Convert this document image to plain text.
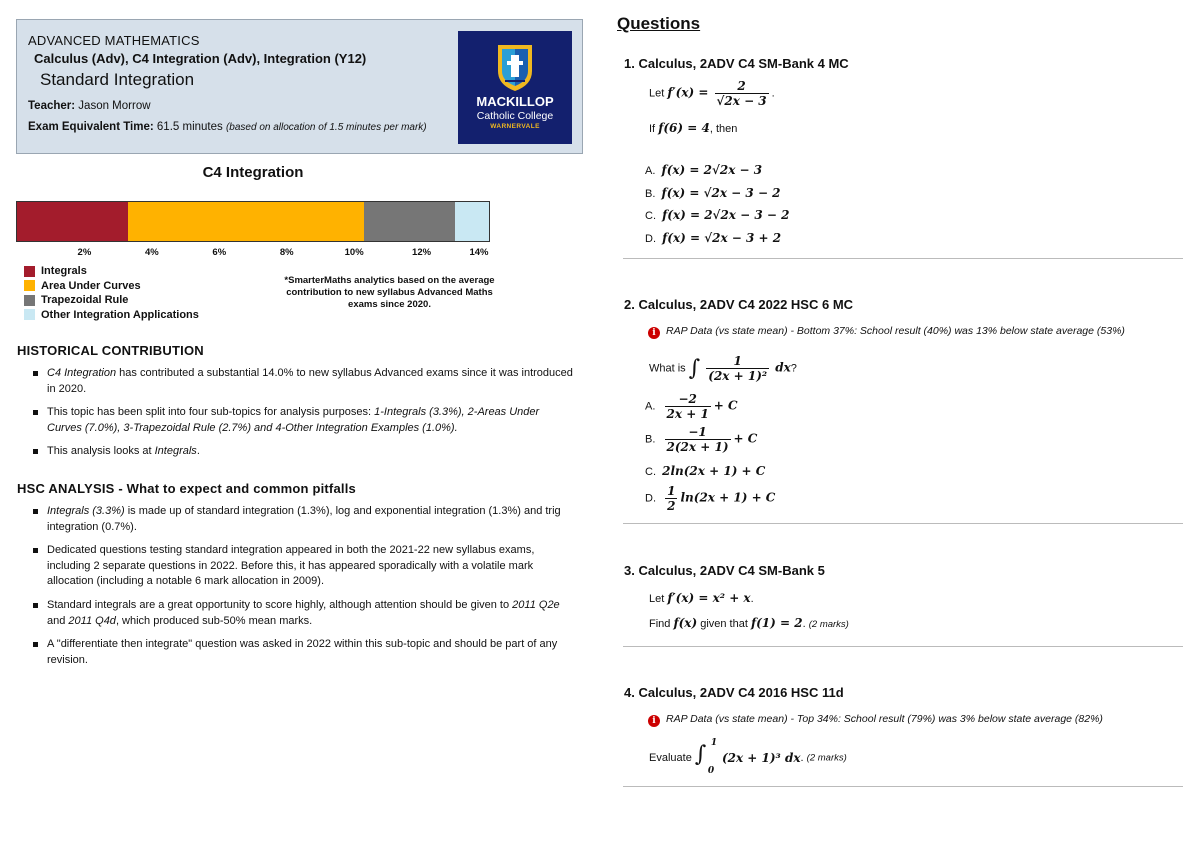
ADVANCED MATHEMATICS
Calculus (Adv), C4 Integration (Adv), Integration (Y12)
Standard Integration
Teacher: Jason Morrow
Exam Equivalent Time: 61.5 minutes (based on allocation of 1.5 minutes per mark)
MACKILLOP
Catholic College
WARNERVALE
C4 Integration
2%	4%	6%	8%	10%	12%	14%
Integrals
Area Under Curves
Trapezoidal Rule
Other Integration Applications
*SmarterMaths analytics based on the average contribution to new syllabus Advanced Maths exams since 2020.
HISTORICAL CONTRIBUTION
C4 Integration has contributed a substantial 14.0% to new syllabus Advanced exams since it was introduced in 2020.
This topic has been split into four sub-topics for analysis purposes: 1-Integrals (3.3%), 2-Areas Under Curves (7.0%), 3-Trapezoidal Rule (2.7%) and 4-Other Integration Examples (1.0%).
This analysis looks at Integrals.
HSC ANALYSIS - What to expect and common pitfalls
Integrals (3.3%) is made up of standard integration (1.3%), log and exponential integration (1.3%) and trig integration (0.7%).
Dedicated questions testing standard integration appeared in both the 2021-22 new syllabus exams, including 2 separate questions in 2022. Before this, it has appeared sporadically with a volatile mark allocation (including a notable 6 mark allocation in 2009).
Standard integrals are a great opportunity to score highly, although attention should be given to 2011 Q2e and 2011 Q4d, which produced sub-50% mean marks.
A "differentiate then integrate" question was asked in 2022 within this sub-topic and should be part of any revision.
Questions
1. Calculus, 2ADV C4 SM-Bank 4 MC
Let $f'(x) = \frac{2}{√2x - 3}$ .
If f(6) = 4, then
A. f(x) = 2√2x − 3
B. f(x) = √2x − 3 − 2
C. f(x) = 2√2x − 3 − 2
D. f(x) = √2x − 3 + 2
2. Calculus, 2ADV C4 2022 HSC 6 MC
i RAP Data (vs state mean) - Bottom 37%: School result (40%) was 13% below state average (53%)
What is ∫ $\frac{1}{\text{(2x + 1)²}}$ dx?
A. $\frac{-2}{2x + 1} + C$
B. $\frac{-1}{2(2x + 1)} + C$
C. 2ln(2x + 1) + C
D. $\frac{1}{2} \ln(2x + 1) + C$
3. Calculus, 2ADV C4 SM-Bank 5
Let f′(x) = x² + x.
Find f(x) given that f(1) = 2. (2 marks)
4. Calculus, 2ADV C4 2016 HSC 11d
i RAP Data (vs state mean) - Top 34%: School result (79%) was 3% below state average (82%)
Evaluate ∫ 1
0
(2x + 1)³ dx. (2 marks)
